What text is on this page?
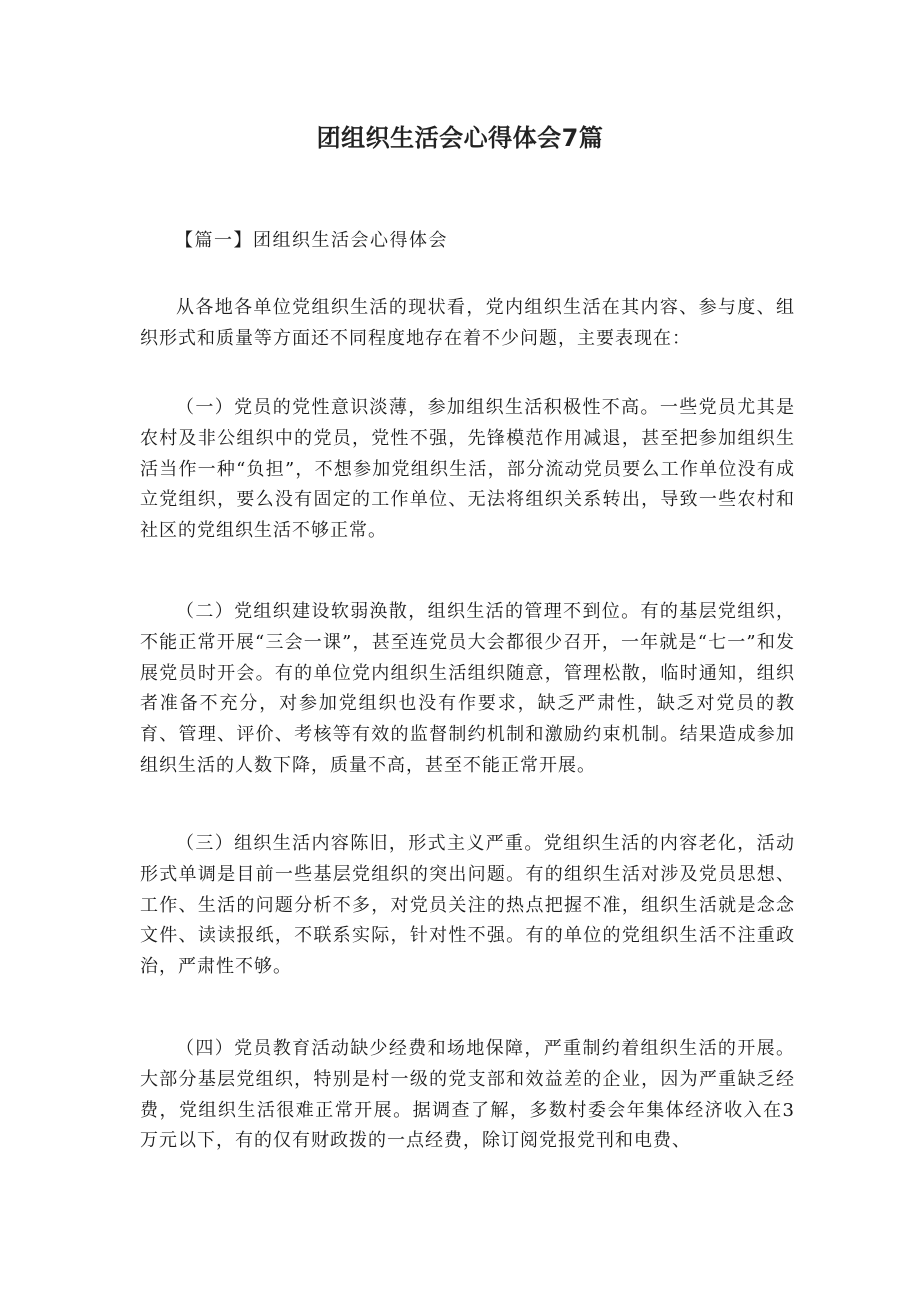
团组织生活会心得体会7篇
【篇一】团组织生活会心得体会

从各地各单位党组织生活的现状看，党内组织生活在其内容、参与度、组织形式和质量等方面还不同程度地存在着不少问题，主要表现在：

（一）党员的党性意识淡薄，参加组织生活积极性不高。一些党员尤其是农村及非公组织中的党员，党性不强，先锋模范作用减退，甚至把参加组织生活当作一种“负担”，不想参加党组织生活，部分流动党员要么工作单位没有成立党组织，要么没有固定的工作单位、无法将组织关系转出，导致一些农村和社区的党组织生活不够正常。

（二）党组织建设软弱涣散，组织生活的管理不到位。有的基层党组织，不能正常开展“三会一课”，甚至连党员大会都很少召开，一年就是“七一”和发展党员时开会。有的单位党内组织生活组织随意，管理松散，临时通知，组织者准备不充分，对参加党组织也没有作要求，缺乏严肃性，缺乏对党员的教育、管理、评价、考核等有效的监督制约机制和激励约束机制。结果造成参加组织生活的人数下降，质量不高，甚至不能正常开展。

（三）组织生活内容陈旧，形式主义严重。党组织生活的内容老化，活动形式单调是目前一些基层党组织的突出问题。有的组织生活对涉及党员思想、工作、生活的问题分析不多，对党员关注的热点把握不准，组织生活就是念念文件、读读报纸，不联系实际，针对性不强。有的单位的党组织生活不注重政治，严肃性不够。

（四）党员教育活动缺少经费和场地保障，严重制约着组织生活的开展。大部分基层党组织，特别是村一级的党支部和效益差的企业，因为严重缺乏经费，党组织生活很难正常开展。据调查了解，多数村委会年集体经济收入在3万元以下，有的仅有财政拨的一点经费，除订阅党报党刊和电费、
